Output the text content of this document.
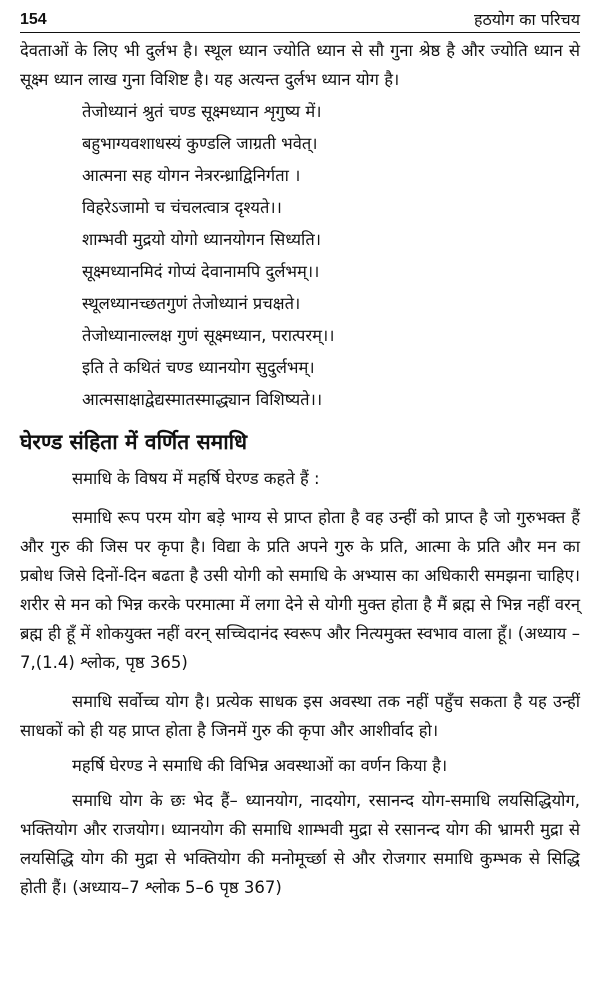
154	हठयोग का परिचय

देवताओं के लिए भी दुर्लभ है। स्थूल ध्यान ज्योति ध्यान से सौ गुना श्रेष्ठ है और ज्योति ध्यान से सूक्ष्म ध्यान लाख गुना विशिष्ट है। यह अत्यन्त दुर्लभ ध्यान योग है।

तेजोध्यानं श्रुतं चण्ड सूक्ष्मध्यान शृगुष्य में।
बहुभाग्यवशाधस्यं कुण्डलि जाग्रती भवेत्।
आत्मना सह योगन नेत्ररन्ध्राद्विनिर्गता ।
विहरेऽजामो च चंचलत्वात्र दृश्यते।।
शाम्भवी मुद्रयो योगो ध्यानयोगन सिध्यति।
सूक्ष्मध्यानमिदं गोप्यं देवानामपि दुर्लभम्।।
स्थूलध्यानच्छतगुणं तेजोध्यानं प्रचक्षते।
तेजोध्यानाल्लक्ष गुणं सूक्ष्मध्यान, परात्परम्।।
इति ते कथितं चण्ड ध्यानयोग सुदुर्लभम्।
आत्मसाक्षाद्वेद्यस्मातस्माद्ध्यान विशिष्यते।।
घेरण्ड संहिता में वर्णित समाधि

समाधि के विषय में महर्षि घेरण्ड कहते हैं :

समाधि रूप परम योग बड़े भाग्य से प्राप्त होता है वह उन्हीं को प्राप्त है जो गुरुभक्त हैं और गुरु की जिस पर कृपा है। विद्या के प्रति अपने गुरु के प्रति, आत्मा के प्रति और मन का प्रबोध जिसे दिनों-दिन बढता है उसी योगी को समाधि के अभ्यास का अधिकारी समझना चाहिए। शरीर से मन को भिन्न करके परमात्मा में लगा देने से योगी मुक्त होता है मैं ब्रह्म से भिन्न नहीं वरन् ब्रह्म ही हूँ में शोकयुक्त नहीं वरन् सच्चिदानंद स्वरूप और नित्यमुक्त स्वभाव वाला हूँ। (अध्याय –7,(1.4) श्लोक, पृष्ठ 365)

समाधि सर्वोच्च योग है। प्रत्येक साधक इस अवस्था तक नहीं पहुँच सकता है यह उन्हीं साधकों को ही यह प्राप्त होता है जिनमें गुरु की कृपा और आशीर्वाद हो।

महर्षि घेरण्ड ने समाधि की विभिन्न अवस्थाओं का वर्णन किया है।

समाधि योग के छः भेद हैं– ध्यानयोग, नादयोग, रसानन्द योग-समाधि लयसिद्धियोग, भक्तियोग और राजयोग। ध्यानयोग की समाधि शाम्भवी मुद्रा से रसानन्द योग की भ्रामरी मुद्रा से लयसिद्धि योग की मुद्रा से भक्तियोग की मनोमूर्च्छा से और रोजगार समाधि कुम्भक से सिद्धि होती हैं। (अध्याय–7 श्लोक 5–6 पृष्ठ 367)
